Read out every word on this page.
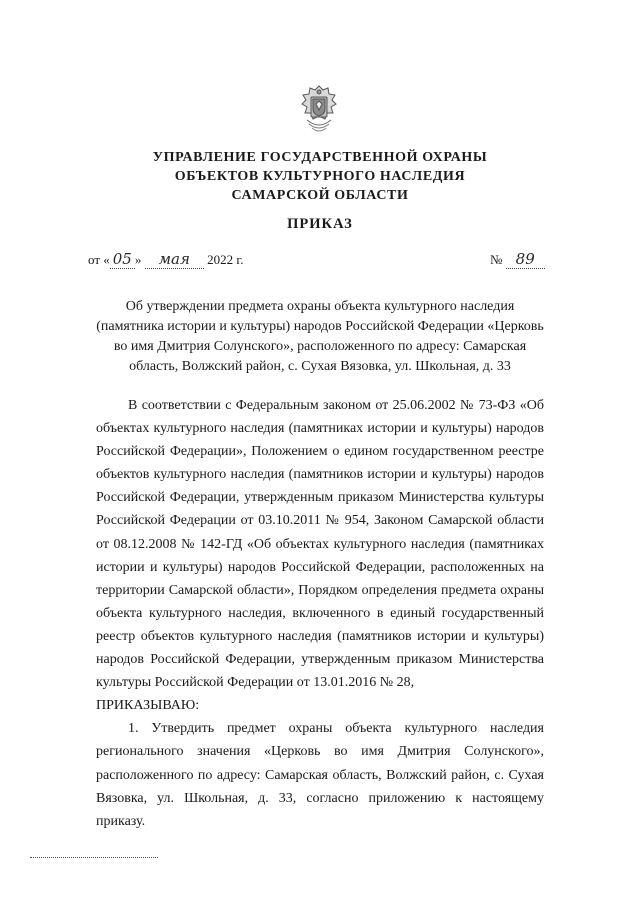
УПРАВЛЕНИЕ ГОСУДАРСТВЕННОЙ ОХРАНЫ
ОБЪЕКТОВ КУЛЬТУРНОГО НАСЛЕДИЯ
САМАРСКОЙ ОБЛАСТИ
ПРИКАЗ
от « 05 » мая 2022 г.	№ 89
Об утверждении предмета охраны объекта культурного наследия (памятника истории и культуры) народов Российской Федерации «Церковь во имя Дмитрия Солунского», расположенного по адресу: Самарская область, Волжский район, с. Сухая Вязовка, ул. Школьная, д. 33

В соответствии с Федеральным законом от 25.06.2002 № 73-ФЗ «Об объектах культурного наследия (памятниках истории и культуры) народов Российской Федерации», Положением о едином государственном реестре объектов культурного наследия (памятников истории и культуры) народов Российской Федерации, утвержденным приказом Министерства культуры Российской Федерации от 03.10.2011 № 954, Законом Самарской области от 08.12.2008 № 142-ГД «Об объектах культурного наследия (памятниках истории и культуры) народов Российской Федерации, расположенных на территории Самарской области», Порядком определения предмета охраны объекта культурного наследия, включенного в единый государственный реестр объектов культурного наследия (памятников истории и культуры) народов Российской Федерации, утвержденным приказом Министерства культуры Российской Федерации от 13.01.2016 № 28,

ПРИКАЗЫВАЮ:

1. Утвердить предмет охраны объекта культурного наследия регионального значения «Церковь во имя Дмитрия Солунского», расположенного по адресу: Самарская область, Волжский район, с. Сухая Вязовка, ул. Школьная, д. 33, согласно приложению к настоящему приказу.
